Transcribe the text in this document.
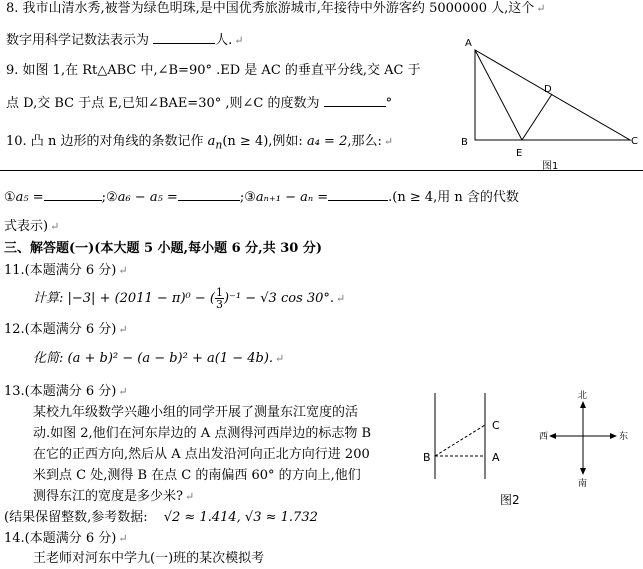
8. 我市山清水秀,被誉为绿色明珠,是中国优秀旅游城市,年接待中外游客约 5000000 人,这个 ↵
数字用科学记数法表示为	人. ↵
9. 如图 1,在 Rt△ABC 中,∠B=90° .ED 是 AC 的垂直平分线,交 AC 于
点 D,交 BC 于点 E,已知∠BAE=30° ,则∠C 的度数为	°
10. 凸 n 边形的对角线的条数记作 $a_n(n \ge 4)$,例如: a₄ = 2,那么: ↵
A
B	C
D
E
图1
①a₅ =	;②a₆ − a₅ =	;③aₙ₊₁ − aₙ =	.(n ≥ 4,用 n 含的代数
式表示) ↵
三、解答题(一)(本大题 5 小题,每小题 6 分,共 30 分)
11.(本题满分 6 分) ↵
计算: |−3| + (2011 − π)⁰ − ( $\frac{1}{3} )^{-1} - √3$ cos 30°. ↵
12.(本题满分 6 分) ↵
化简: (a + b)² − (a − b)² + a(1 − 4b). ↵
13.(本题满分 6 分) ↵
某校九年级数学兴趣小组的同学开展了测量东江宽度的活
动.如图 2,他们在河东岸边的 A 点测得河西岸边的标志物 B
在它的正西方向,然后从 A 点出发沿河向正北方向行进 200
米到点 C 处,测得 B 在点 C 的南偏西 60° 的方向上,他们
测得东江的宽度是多少米? ↵
(结果保留整数,参考数据: √2 ≈ 1.414, √3 ≈ 1.732
B	A
C
图2
北
南
西	东
14.(本题满分 6 分) ↵
王老师对河东中学九(一)班的某次模拟考
